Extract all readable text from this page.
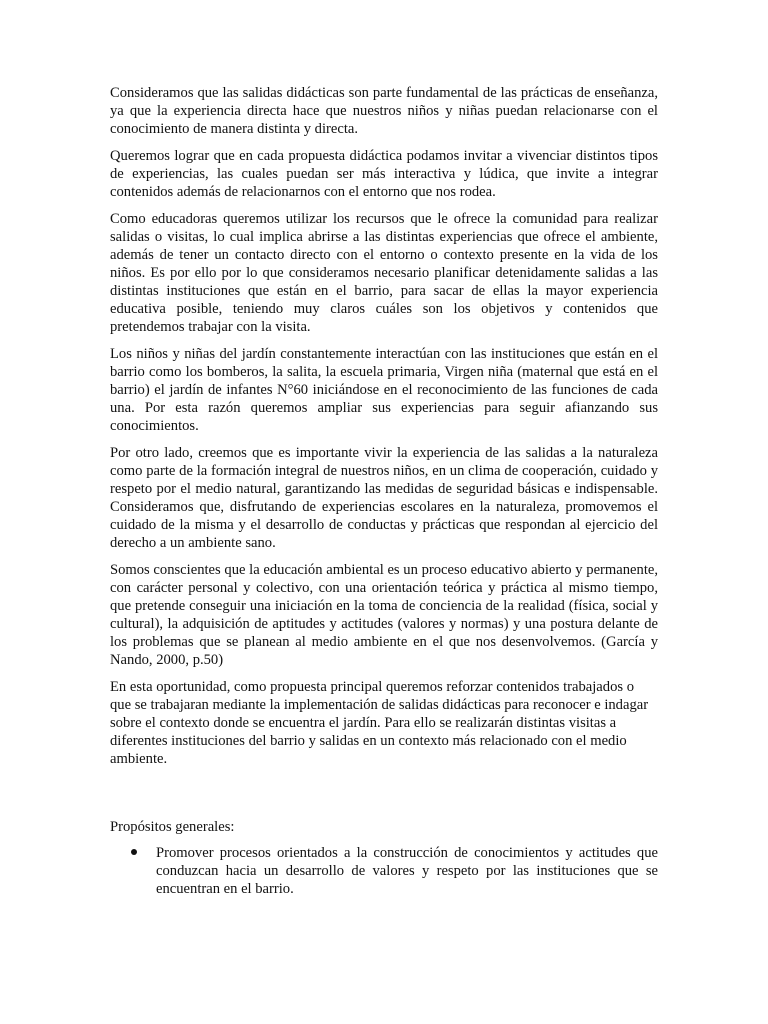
Consideramos que las salidas didácticas son parte fundamental de las prácticas de enseñanza, ya que la experiencia directa hace que nuestros niños y niñas puedan relacionarse con el conocimiento de manera distinta y directa.

Queremos lograr que en cada propuesta didáctica podamos invitar a vivenciar distintos tipos de experiencias, las cuales puedan ser más interactiva y lúdica, que invite a integrar contenidos además de relacionarnos con el entorno que nos rodea.

Como educadoras queremos utilizar los recursos que le ofrece la comunidad para realizar salidas o visitas, lo cual implica abrirse a las distintas experiencias que ofrece el ambiente, además de tener un contacto directo con el entorno o contexto presente en la vida de los niños. Es por ello por lo que consideramos necesario planificar detenidamente salidas a las distintas instituciones que están en el barrio, para sacar de ellas la mayor experiencia educativa posible, teniendo muy claros cuáles son los objetivos y contenidos que pretendemos trabajar con la visita.

Los niños y niñas del jardín constantemente interactúan con las instituciones que están en el barrio como los bomberos, la salita, la escuela primaria, Virgen niña (maternal que está en el barrio) el jardín de infantes N°60 iniciándose en el reconocimiento de las funciones de cada una. Por esta razón queremos ampliar sus experiencias para seguir afianzando sus conocimientos.

Por otro lado, creemos que es importante vivir la experiencia de las salidas a la naturaleza como parte de la formación integral de nuestros niños, en un clima de cooperación, cuidado y respeto por el medio natural, garantizando las medidas de seguridad básicas e indispensable. Consideramos que, disfrutando de experiencias escolares en la naturaleza, promovemos el cuidado de la misma y el desarrollo de conductas y prácticas que respondan al ejercicio del derecho a un ambiente sano.

Somos conscientes que la educación ambiental es un proceso educativo abierto y permanente, con carácter personal y colectivo, con una orientación teórica y práctica al mismo tiempo, que pretende conseguir una iniciación en la toma de conciencia de la realidad (física, social y cultural), la adquisición de aptitudes y actitudes (valores y normas) y una postura delante de los problemas que se planean al medio ambiente en el que nos desenvolvemos. (García y Nando, 2000, p.50)

En esta oportunidad, como propuesta principal queremos reforzar contenidos trabajados o que se trabajaran mediante la implementación de salidas didácticas para reconocer e indagar sobre el contexto donde se encuentra el jardín. Para ello se realizarán distintas visitas a diferentes instituciones del barrio y salidas en un contexto más relacionado con el medio ambiente.

Propósitos generales:

Promover procesos orientados a la construcción de conocimientos y actitudes que conduzcan hacia un desarrollo de valores y respeto por las instituciones que se encuentran en el barrio.
